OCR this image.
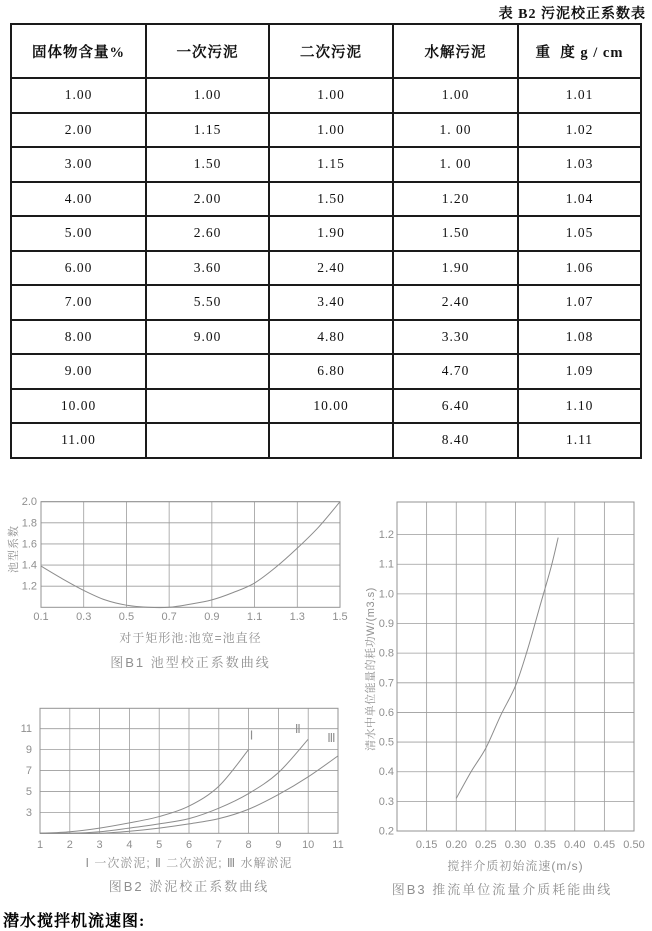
表 B2 污泥校正系数表
固体物含量%	一次污泥	二次污泥	水解污泥	重  度 g / cm
1.00	1.00	1.00	1.00	1.01
2.00	1.15	1.00	1. 00	1.02
3.00	1.50	1.15	1. 00	1.03
4.00	2.00	1.50	1.20	1.04
5.00	2.60	1.90	1.50	1.05
6.00	3.60	2.40	1.90	1.06
7.00	5.50	3.40	2.40	1.07
8.00	9.00	4.80	3.30	1.08
9.00		6.80	4.70	1.09
10.00		10.00	6.40	1.10
11.00			8.40	1.11
0.1 0.3 0.5 0.7 0.9 1.1 1.3 1.5
1.2
1.4
1.6
1.8
2.0
池型系数
对于矩形池:池宽=池直径
图B1 池型校正系数曲线
1 2 3 4 5 6 7 8 9 10 11
3
5
7
9
11	Ⅰ	Ⅱ
Ⅲ
Ⅰ 一次淤泥; Ⅱ 二次淤泥; Ⅲ 水解淤泥
图B2 淤泥校正系数曲线
0.15 0.20 0.25 0.30 0.35 0.40 0.45 0.50
0.2
0.3
0.4
0.5
0.6
0.7
0.8
0.9
1.0
1.1
1.2
清水中单位能量的耗功W/(m3.s)
搅拌介质初始流速(m/s)
图B3 推流单位流量介质耗能曲线
潜水搅拌机流速图:
